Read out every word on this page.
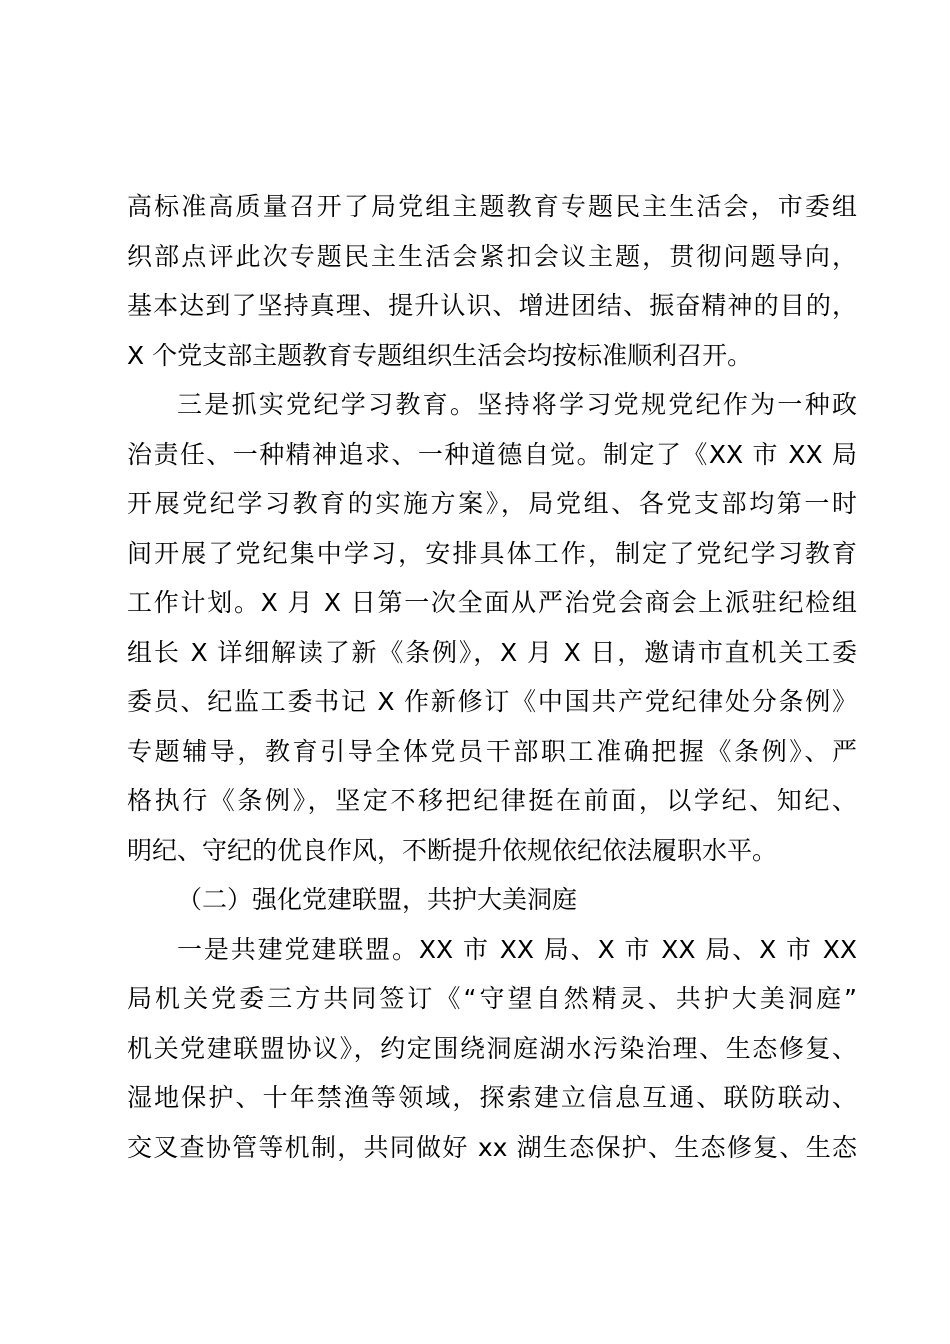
高标准高质量召开了局党组主题教育专题民主生活会，市委组
织部点评此次专题民主生活会紧扣会议主题，贯彻问题导向，
基本达到了坚持真理、提升认识、增进团结、振奋精神的目的，
X 个党支部主题教育专题组织生活会均按标准顺利召开。
三是抓实党纪学习教育。坚持将学习党规党纪作为一种政
治责任、一种精神追求、一种道德自觉。制定了《XX 市 XX 局
开展党纪学习教育的实施方案》，局党组、各党支部均第一时
间开展了党纪集中学习，安排具体工作，制定了党纪学习教育
工作计划。X 月 X 日第一次全面从严治党会商会上派驻纪检组
组长 X 详细解读了新《条例》，X 月 X 日，邀请市直机关工委
委员、纪监工委书记 X 作新修订《中国共产党纪律处分条例》
专题辅导，教育引导全体党员干部职工准确把握《条例》、严
格执行《条例》，坚定不移把纪律挺在前面，以学纪、知纪、
明纪、守纪的优良作风，不断提升依规依纪依法履职水平。
（二）强化党建联盟，共护大美洞庭
一是共建党建联盟。XX 市 XX 局、X 市 XX 局、X 市 XX
局机关党委三方共同签订《“守望自然精灵、共护大美洞庭”
机关党建联盟协议》，约定围绕洞庭湖水污染治理、生态修复、
湿地保护、十年禁渔等领域，探索建立信息互通、联防联动、
交叉查协管等机制，共同做好 xx 湖生态保护、生态修复、生态
